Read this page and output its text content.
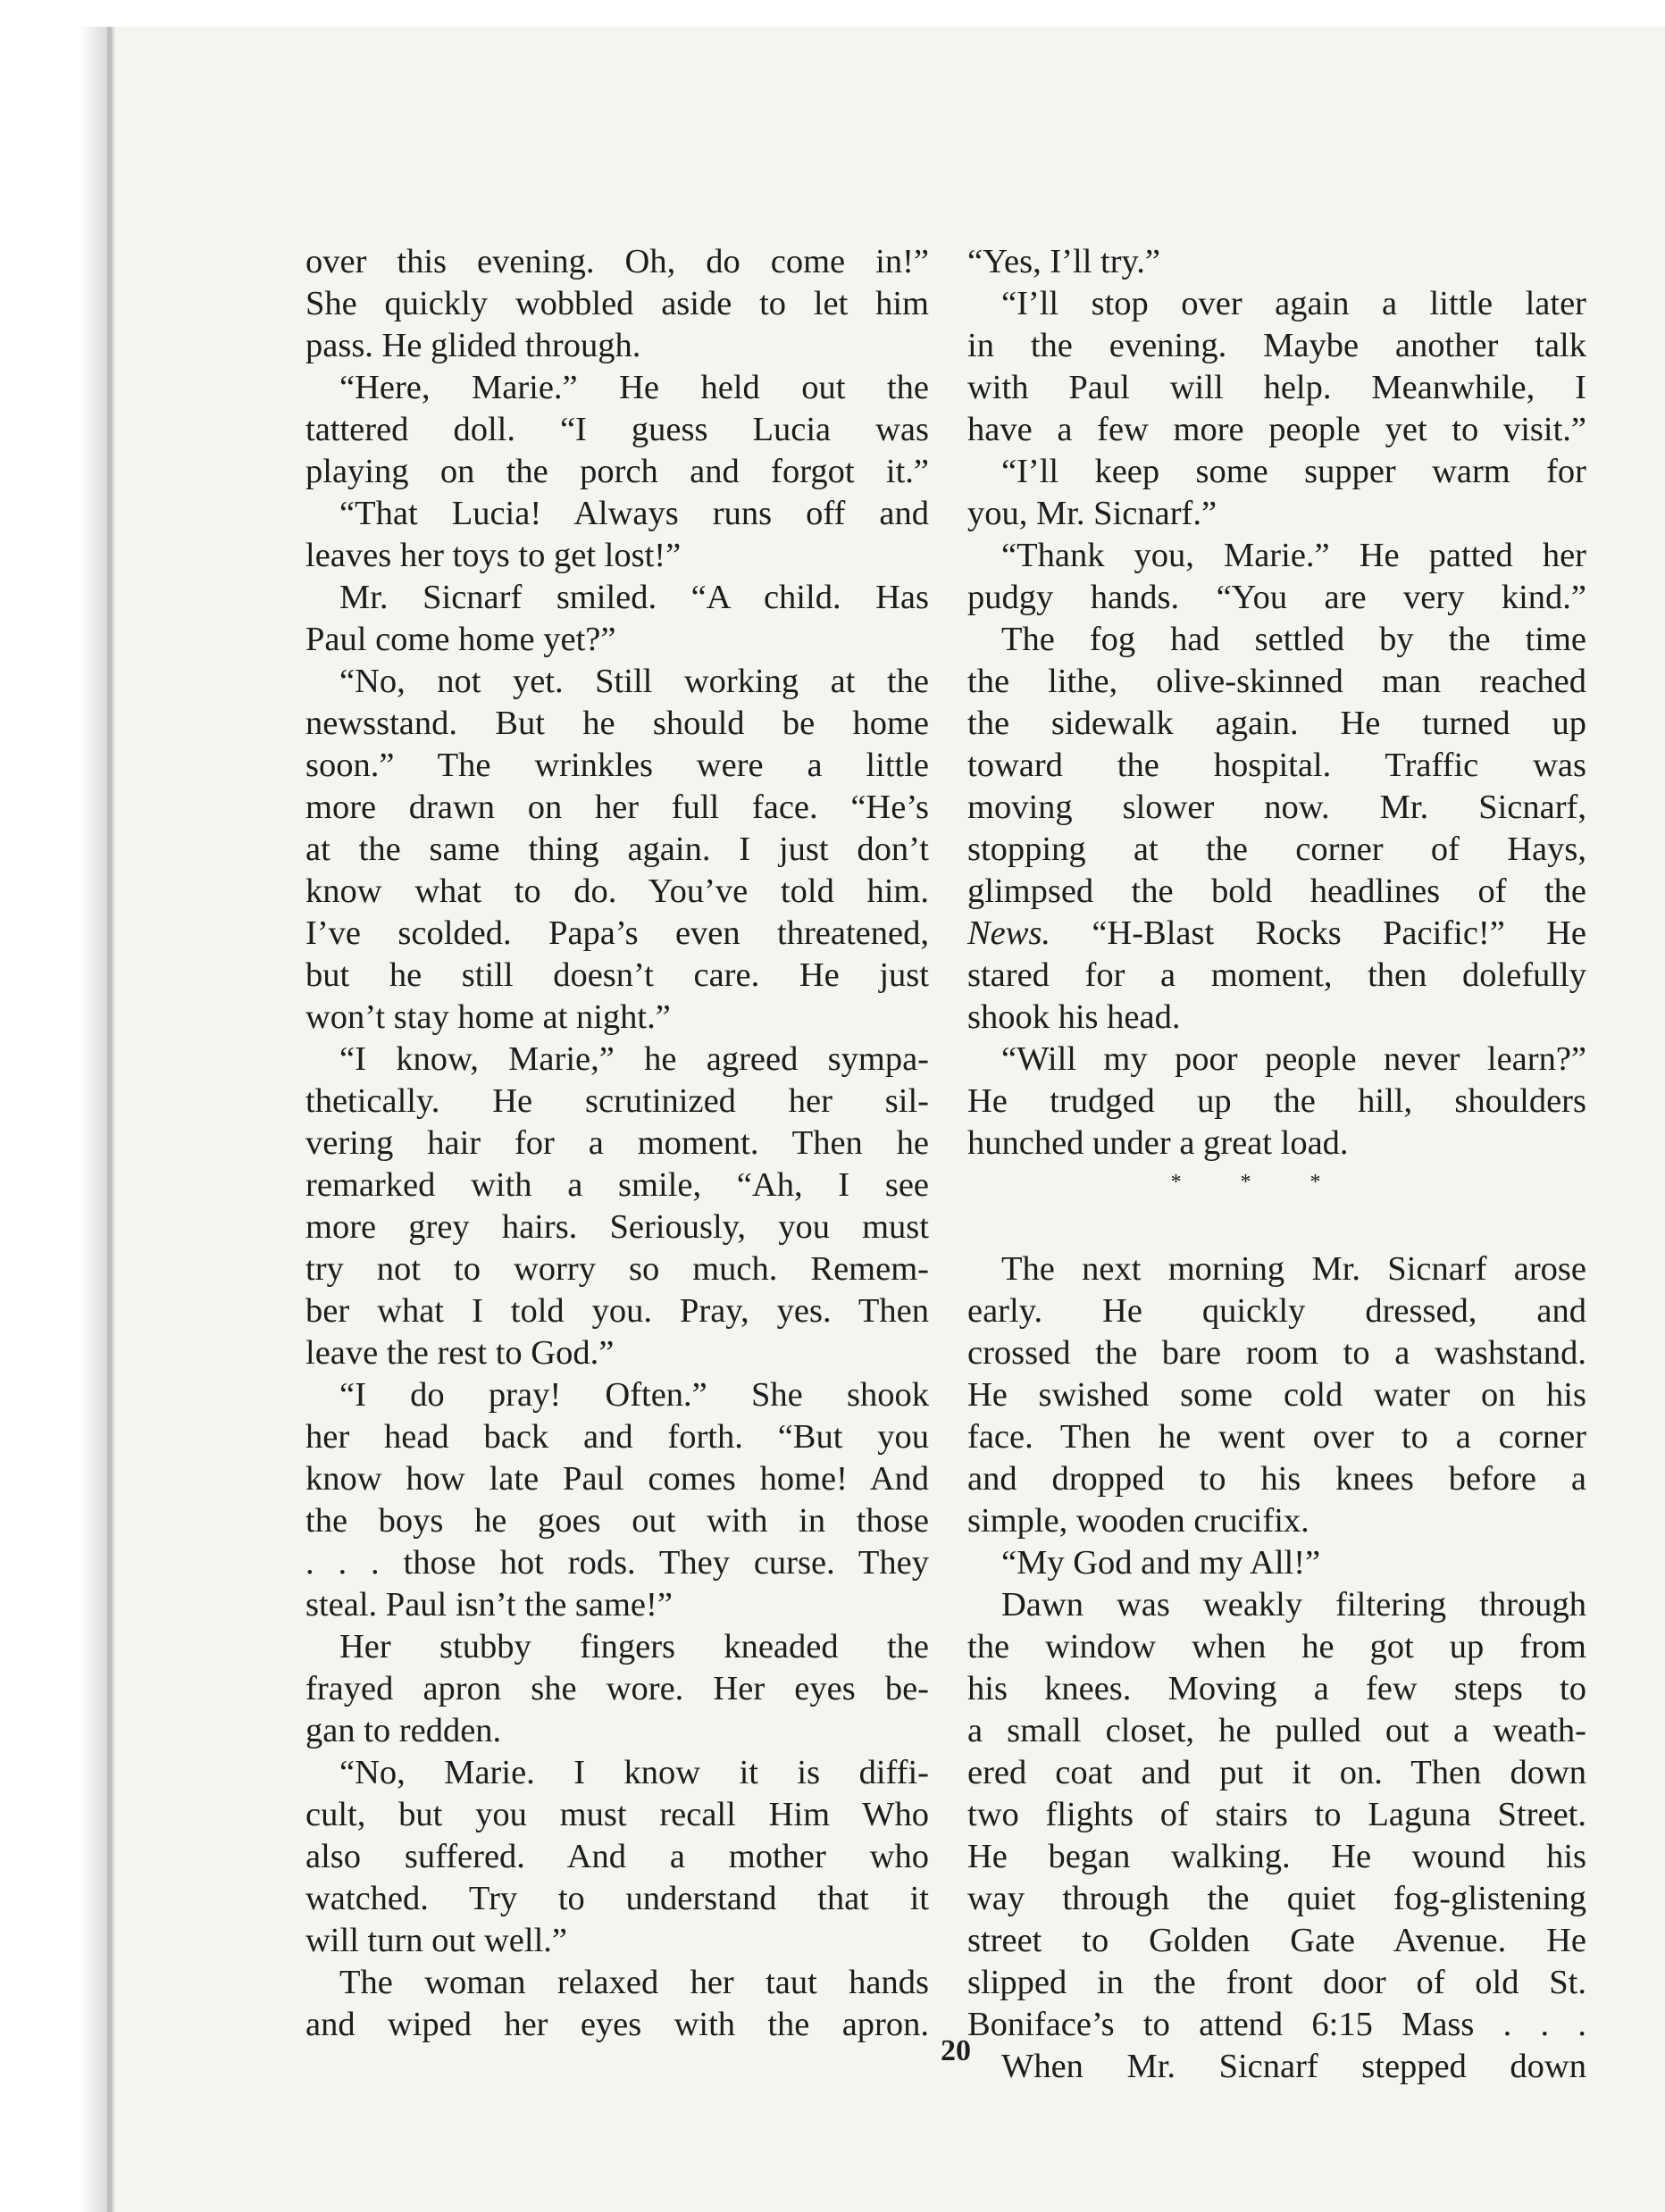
over this evening. Oh, do come in!”
She quickly wobbled aside to let him
pass. He glided through.
“Here, Marie.” He held out the
tattered doll. “I guess Lucia was
playing on the porch and forgot it.”
“That Lucia! Always runs off and
leaves her toys to get lost!”
Mr. Sicnarf smiled. “A child. Has
Paul come home yet?”
“No, not yet. Still working at the
newsstand. But he should be home
soon.” The wrinkles were a little
more drawn on her full face. “He’s
at the same thing again. I just don’t
know what to do. You’ve told him.
I’ve scolded. Papa’s even threatened,
but he still doesn’t care. He just
won’t stay home at night.”
“I know, Marie,” he agreed sympa-
thetically. He scrutinized her sil-
vering hair for a moment. Then he
remarked with a smile, “Ah, I see
more grey hairs. Seriously, you must
try not to worry so much. Remem-
ber what I told you. Pray, yes. Then
leave the rest to God.”
“I do pray! Often.” She shook
her head back and forth. “But you
know how late Paul comes home! And
the boys he goes out with in those
. . . those hot rods. They curse. They
steal. Paul isn’t the same!”
Her stubby fingers kneaded the
frayed apron she wore. Her eyes be-
gan to redden.
“No, Marie. I know it is diffi-
cult, but you must recall Him Who
also suffered. And a mother who
watched. Try to understand that it
will turn out well.”
The woman relaxed her taut hands
and wiped her eyes with the apron.
“Yes, I’ll try.”
“I’ll stop over again a little later
in the evening. Maybe another talk
with Paul will help. Meanwhile, I
have a few more people yet to visit.”
“I’ll keep some supper warm for
you, Mr. Sicnarf.”
“Thank you, Marie.” He patted her
pudgy hands. “You are very kind.”
The fog had settled by the time
the lithe, olive-skinned man reached
the sidewalk again. He turned up
toward the hospital. Traffic was
moving slower now. Mr. Sicnarf,
stopping at the corner of Hays,
glimpsed the bold headlines of the
News. “H-Blast Rocks Pacific!” He
stared for a moment, then dolefully
shook his head.
“Will my poor people never learn?”
He trudged up the hill, shoulders
hunched under a great load.
* * *
The next morning Mr. Sicnarf arose
early. He quickly dressed, and
crossed the bare room to a washstand.
He swished some cold water on his
face. Then he went over to a corner
and dropped to his knees before a
simple, wooden crucifix.
“My God and my All!”
Dawn was weakly filtering through
the window when he got up from
his knees. Moving a few steps to
a small closet, he pulled out a weath-
ered coat and put it on. Then down
two flights of stairs to Laguna Street.
He began walking. He wound his
way through the quiet fog-glistening
street to Golden Gate Avenue. He
slipped in the front door of old St.
Boniface’s to attend 6:15 Mass . . .
When Mr. Sicnarf stepped down
20
